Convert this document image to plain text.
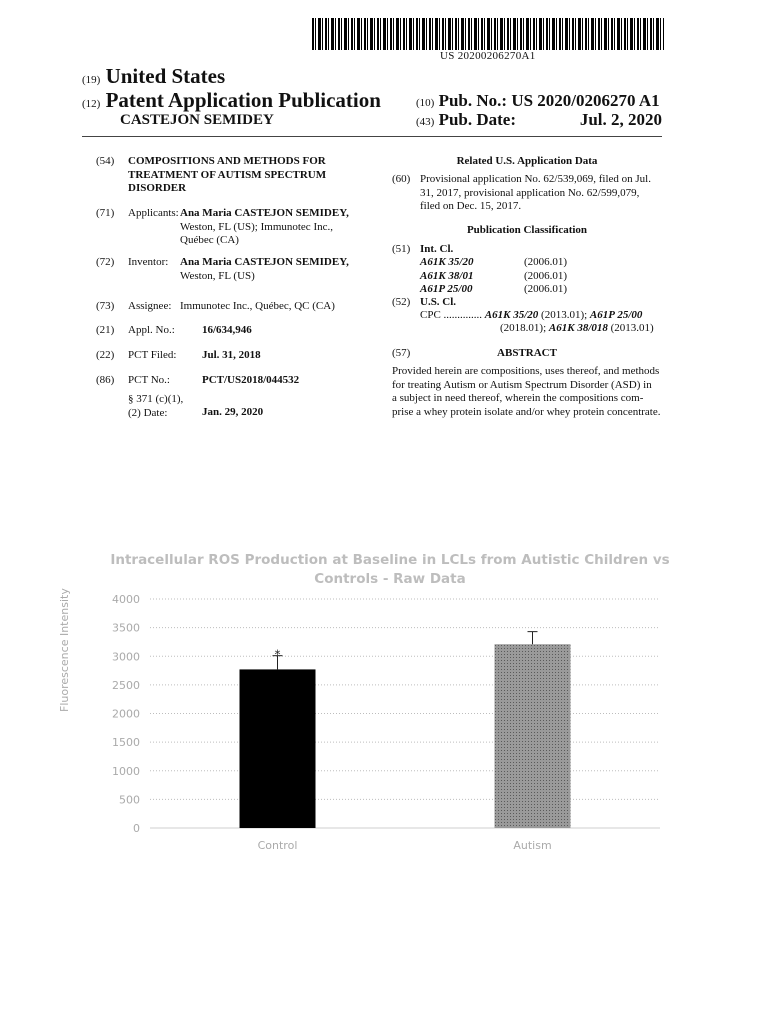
US 20200206270A1
(19) United States
(12) Patent Application Publication	(10) Pub. No.: US 2020/0206270 A1
CASTEJON SEMIDEY	(43) Pub. Date:	Jul. 2, 2020
(54) COMPOSITIONS AND METHODS FOR
TREATMENT OF AUTISM SPECTRUM
DISORDER
(71) Applicants: Ana Maria CASTEJON SEMIDEY,
Weston, FL (US); Immunotec Inc.,
Québec (CA)
(72) Inventor: Ana Maria CASTEJON SEMIDEY,
Weston, FL (US)
(73) Assignee: Immunotec Inc., Québec, QC (CA)
(21) Appl. No.: 16/634,946
(22) PCT Filed: Jul. 31, 2018
(86) PCT No.:	PCT/US2018/044532
§ 371 (c)(1),
(2) Date:	Jan. 29, 2020
Related U.S. Application Data
(60) Provisional application No. 62/539,069, filed on Jul.
31, 2017, provisional application No. 62/599,079,
filed on Dec. 15, 2017.
Publication Classification
(51) Int. Cl.
A61K 35/20	(2006.01)
A61K 38/01	(2006.01)
A61P 25/00	(2006.01)
(52) U.S. Cl.
CPC .............. A61K 35/20 (2013.01); A61P 25/00
(2018.01); A61K 38/018 (2013.01)
(57)	ABSTRACT
Provided herein are compositions, uses thereof, and methods
for treating Autism or Autism Spectrum Disorder (ASD) in
a subject in need thereof, wherein the compositions com-
prise a whey protein isolate and/or whey protein concentrate.
Intracellular ROS Production at Baseline in LCLs from Autistic Children vs
Controls - Raw Data
Fluorescence Intensity
0
500
1000
1500
2000
2500
3000
3500
4000
Control
*
Autism
